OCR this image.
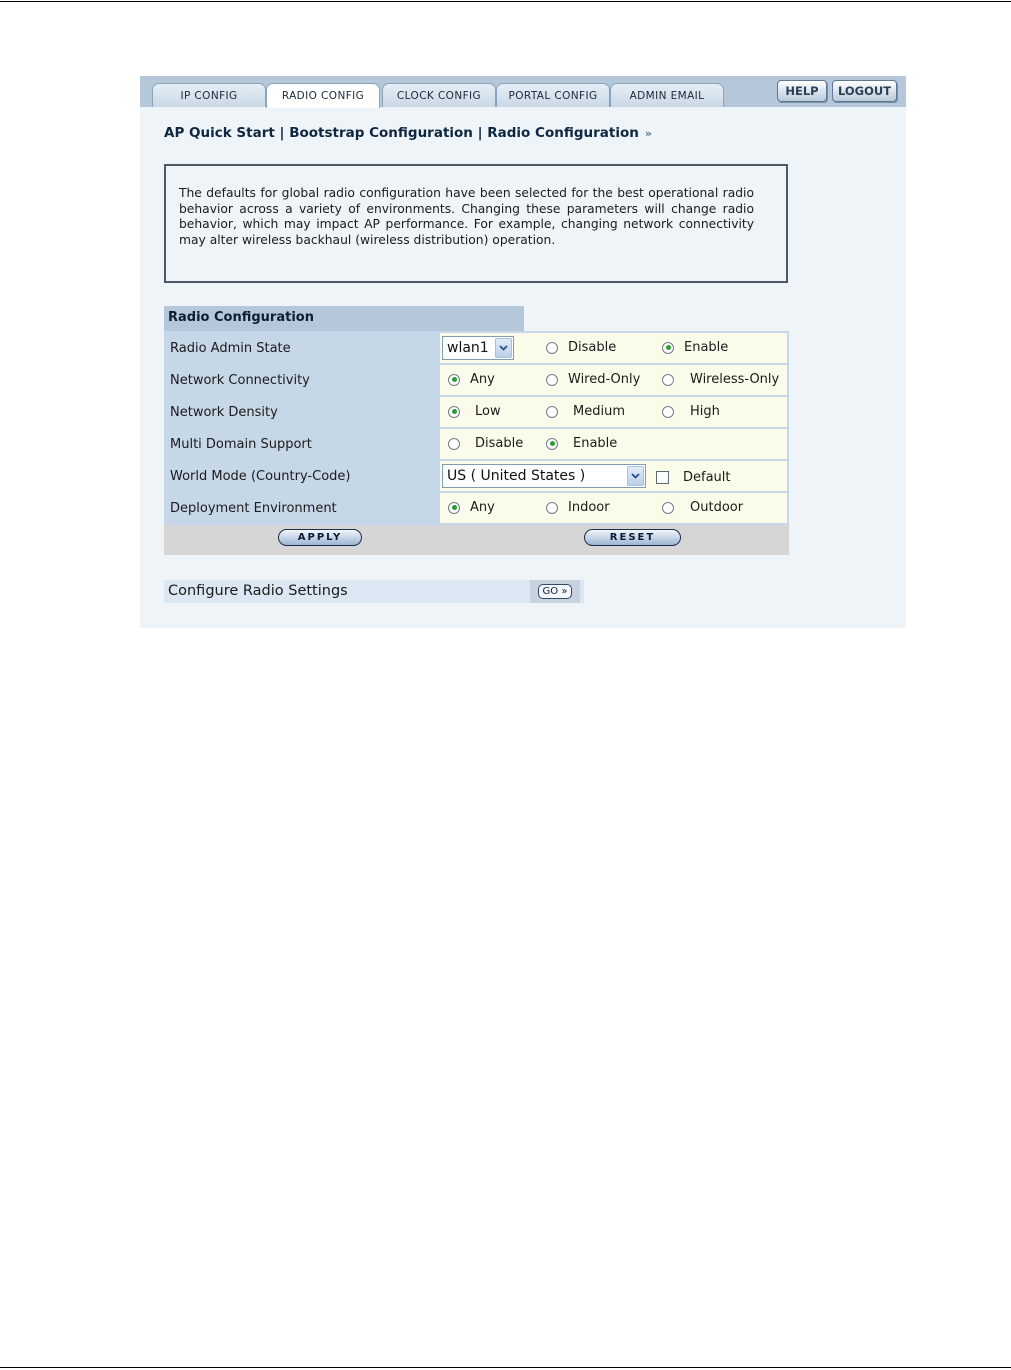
IP CONFIG	RADIO CONFIG	CLOCK CONFIG	PORTAL CONFIG	ADMIN EMAIL	HELP	LOGOUT
AP Quick Start | Bootstrap Configuration | Radio Configuration »
The defaults for global radio configuration have been selected for the best operational radio behavior across a variety of environments. Changing these parameters will change radio behavior, which may impact AP performance. For example, changing network connectivity may alter wireless backhaul (wireless distribution) operation.
Radio Configuration
Radio Admin State	wlan1 Disable Enable

Network Connectivity	Any Wired-Only Wireless-Only

Network Density	Low Medium High

Multi Domain Support	Disable Enable

World Mode (Country-Code)	US ( United States ) Default

Deployment Environment	Any Indoor Outdoor
APPLY	RESET
Configure Radio Settings	GO »
